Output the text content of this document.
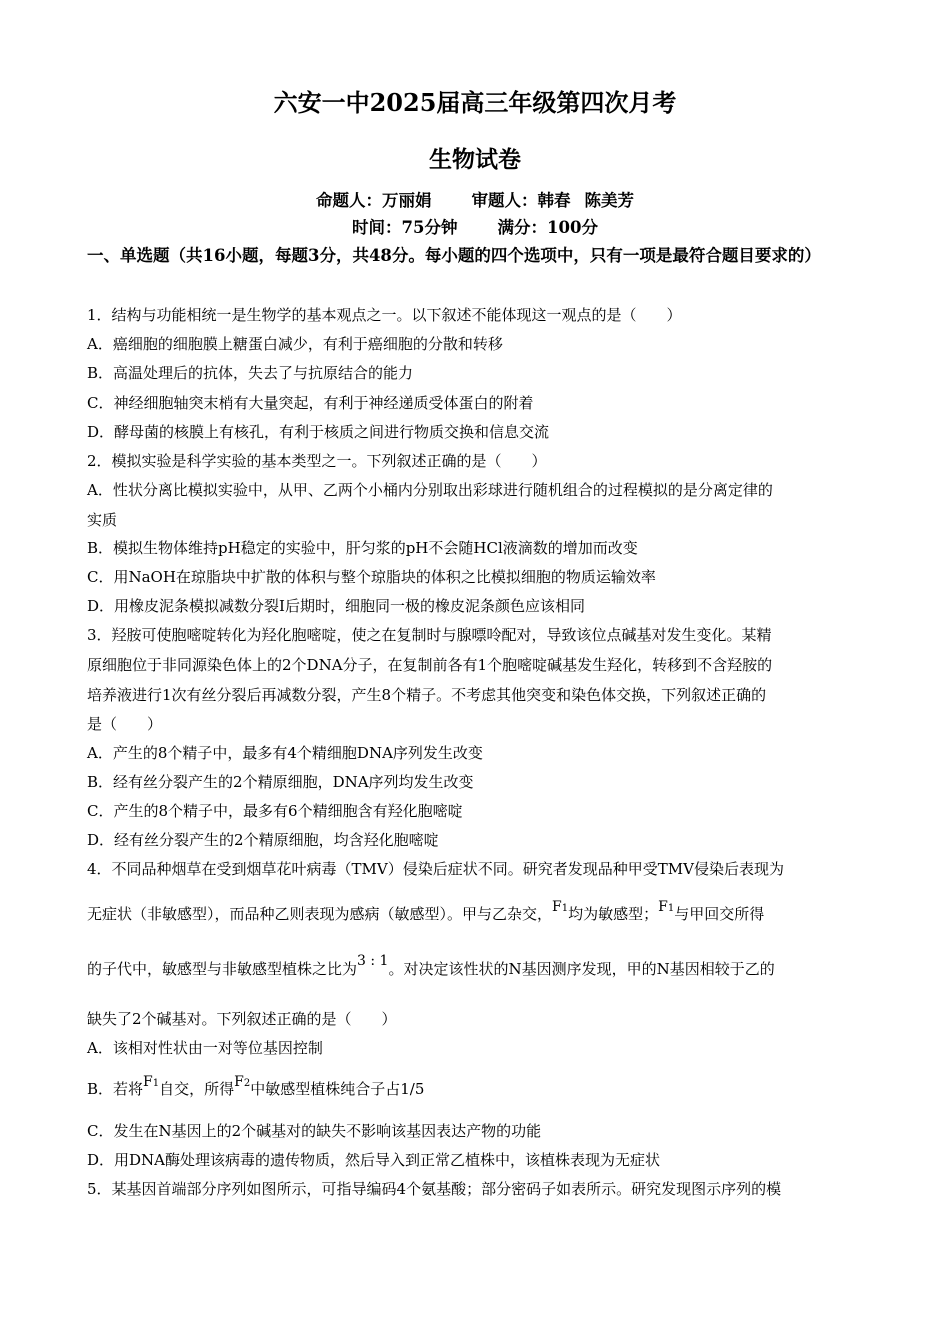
六安一中2025届高三年级第四次月考
生物试卷
命题人：万丽娟 审题人：韩春 陈美芳
时间：75分钟 满分：100分
一、单选题（共16小题，每题3分，共48分。每小题的四个选项中，只有一项是最符合题目要求的）
1．结构与功能相统一是生物学的基本观点之一。以下叙述不能体现这一观点的是（　　）
A．癌细胞的细胞膜上糖蛋白减少，有利于癌细胞的分散和转移
B．高温处理后的抗体，失去了与抗原结合的能力
C．神经细胞轴突末梢有大量突起，有利于神经递质受体蛋白的附着
D．酵母菌的核膜上有核孔，有利于核质之间进行物质交换和信息交流
2．模拟实验是科学实验的基本类型之一。下列叙述正确的是（　　）
A．性状分离比模拟实验中，从甲、乙两个小桶内分别取出彩球进行随机组合的过程模拟的是分离定律的
实质
B．模拟生物体维持pH稳定的实验中，肝匀浆的pH不会随HCl液滴数的增加而改变
C．用NaOH在琼脂块中扩散的体积与整个琼脂块的体积之比模拟细胞的物质运输效率
D．用橡皮泥条模拟减数分裂Ⅰ后期时，细胞同一极的橡皮泥条颜色应该相同
3．羟胺可使胞嘧啶转化为羟化胞嘧啶，使之在复制时与腺嘌呤配对，导致该位点碱基对发生变化。某精
原细胞位于非同源染色体上的2个DNA分子，在复制前各有1个胞嘧啶碱基发生羟化，转移到不含羟胺的
培养液进行1次有丝分裂后再减数分裂，产生8个精子。不考虑其他突变和染色体交换，下列叙述正确的
是（　　）
A．产生的8个精子中，最多有4个精细胞DNA序列发生改变
B．经有丝分裂产生的2个精原细胞，DNA序列均发生改变
C．产生的8个精子中，最多有6个精细胞含有羟化胞嘧啶
D．经有丝分裂产生的2个精原细胞，均含羟化胞嘧啶
4．不同品种烟草在受到烟草花叶病毒（TMV）侵染后症状不同。研究者发现品种甲受TMV侵染后表现为
无症状（非敏感型），而品种乙则表现为感病（敏感型）。甲与乙杂交，F1均为敏感型；F1与甲回交所得
的子代中，敏感型与非敏感型植株之比为3 : 1。对决定该性状的N基因测序发现，甲的N基因相较于乙的
缺失了2个碱基对。下列叙述正确的是（　　）
A．该相对性状由一对等位基因控制
B．若将F1自交，所得F2中敏感型植株纯合子占1/5
C．发生在N基因上的2个碱基对的缺失不影响该基因表达产物的功能
D．用DNA酶处理该病毒的遗传物质，然后导入到正常乙植株中，该植株表现为无症状
5．某基因首端部分序列如图所示，可指导编码4个氨基酸；部分密码子如表所示。研究发现图示序列的模
